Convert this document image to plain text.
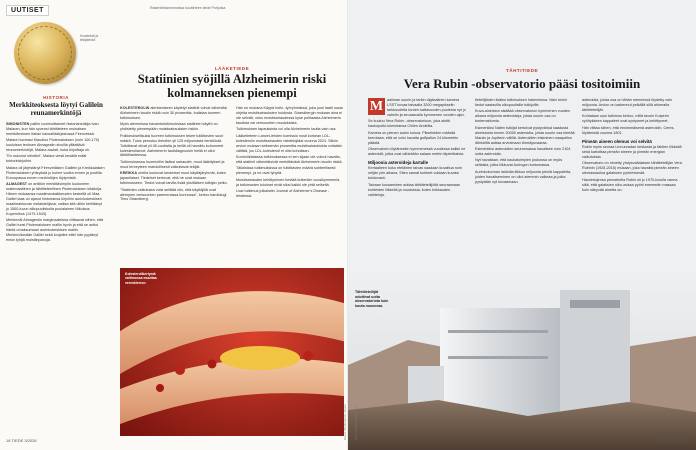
UUTISET	Rakenteiltaminnoissa kuutiirteen tiede Pohjoisa
Kuvateksti ja tekijatiedot
HISTORIA
Merkkiteoksesta löytyi Galilein reunamerkintöjä

SIMONISTEN pailiin vuoimuittaneet historiantutkija Ivan Malaran, kun hän syvensi tähtitieteen muinaisen merkkiteoksen Italian kansalliskirjastossa Firenzessä.

Malara huomasi Klaudios Ptolemaioksen (noin 100-170) kuuluisan teoksen Almagestin sivuilla ylläattävä reunamerkintöjä. Malara aavisti, kuka kirjoittaja oli.

"En uskonut silmiäni", Malara viesti kesällä eräät tohtorinkirjoihin.

Malara oli järjestänyt Firenzeläisen Galilein ja Kreikkalaisen Ptolemaioksen yhteyksiä jo kolme vuotta ennen ja postilla Euroopassa ennen merkintöjen löytymistä.

ALMAGEST on antiikin merkittävimpiin kuuluneen matemaattinen ja tähtitieteellinen Ptolemaioksen käsikirja. Hänen mukaansa maailmankaikkeuden keskellä oli Maa. Galilei taas on ajanut historiansa kirjoihin aurinkokeskisen maailmankuvan esitaistelijana, vaikka sitä olikin kehittänyt jo 1500-luvun alkupuoliskolla puolalainen Nikolaus Kopernikus (1473-1543).

Merkinnät Almagestin marginaaleissa viittaavat siihen, että Galilei tunsi Ptolemaioksen mallin hyvin ja että se auttoi häntä omaksumaan aurinkokeskisen mallin. Merkinnöissään Galilei sekä korjailee ettei hän pyytänyt ensin tyhjiä muistiinpanoja.

LÄÄKETIEDE
Statiinien syöjillä Alzheimerin riski kolmanneksen pienempi

KOLESTEROLIN alentamiseen käytetyt statiinit voivat vähentää Alzheimerin taudin riskiä noin 30 prosenttia, todistaa tuoreen tutkimuksen.

Myös aiemmissa havaintotutkimuksissa statiinien käyttö on yhdistetty pienempään muistisairauksien riskiin.

Poikkeuksellisuksi tuoreen tutkimuksen tekee tutkittavien suuri määrä. Tulos perustuu tietoihin yli 125 miljoonasta henkilöstä. Tutkittavat olivat yli 45-vuotiaita ja heillä oli havaittu kohonneet kolesteroliarvot. Alzheimerin tautidiagnoosin heillä ei ollut lähtötilanteessa.

Tutkimuksessa huomioitiin lisäksi sairaudet, muut lääkitykset ja muut terveyteen mahdollisesti vaikuttavat tekijät.

KREIKKA ohella kuuluvat keskeiset muut käyttäjäryhmät, kuten japanilaiset. Tiedeiset kertovat, että ne ovat mukaan tutkimukseen. Tiedot voivat tarvita lisää yksittäisen tutkijan pelko.

"Statiinien vaikutusta voisi selittää niin, että käyttäjillä ovat alempien verisuonten paremmassa kunnossa", kertoo kardiologi Timo Strandberg.

Hän on mukana Käypä hoito -työryhmässä, joka juuri laatii uusia ohjeita muistisairauksien hoidosta. Strandbergin mukaan aina ei ole selvää, onko muistisairaudessa kyse puhtaasta Alzheimerin taudista vai verisuonten muutoksista.

Tutkimuksen tapauksista voi olla Alzheimerin tautia vain osa.

Lääketieteen Lancet-lehden komissio nosti korkean LDL-kolesterolin muistisairauden riskitekijäksi vuonna 2024. Silloin arvion mukaan seitsemän prosenttia muistisairauksista voitaisiin välttää, jos LDL-kolesteroli ei olisi kohollaan.

Kontrollidatassa tutkimuksessa ei sen sijaan ole voinut havaita, että statiinit vähentäisivät merkittävästi Alzheimerin taudin riskiä.

Tällaisissa tutkimuksissa on tutkittavien määrä suhteellisesti pienempi, ja ne ovat lyhyitä.

Muistisairauden kehittyminen kestää kuitenkin vuosikymmeniä, ja tutkimusten tulokset eivät siksi kaikki ole yhtä selkeitä.

Uusi tutkimus julkaistiin Journal of Alzheimer's Disease -lehdessä.

Kolesterolikertymä valtimossa muuttaa verenkierron
Kuvat: Shutterstock, Istock
18 TIEDE 3/2026
TÄHTITIEDE
Vera Rubin -observatorio pääsi tositoimiin

M	aailman suurin ja tarkin digitaalinen kamera LSST kuvaa taivaalla 3200 megapikselin tarkkuudella kuvien kattavuuden puolesta nyt jo valmiin ja seuraavalla kymmenen vuoden ajan.

Se kuuluu Vera Rubin -observatorioon, joka aloitti kaukoputki-toimintansa Chilen Andeilla.

Kamera on pienen auton kokoa. Pikseleiden määrää kerrotaan, että se voisi havaita golfpallon 24 kilometrin päästä.

Observatorio löytäneekin kymmenessä vuodessa kaikki ne asteroidit, jotka ovat vähintään sataan metrin läpimittaisia.

Miljoonia asteroideja kartalle

Kertaalleen koko eteläinen taivas saadaan kuvattua noin neljän yön aikana. Siten samat kohteet voidaan kuvata toistuvasti.

Taivaan kuvaaminen auttaa tähtitieteilijöitä seuraamaan kohteiden liikkeitä ja muutoksia, kuten kirkkauden vaihteluja.

tieteilijöiden lisäksi tutkimuksen hakemistoa. Näin toimii tiedot saatavilla ulkopuolisille tutkijoille.

Kuva-aineiston sisältää observatorion kymmenen vuoden aikana miljoonia asteroideja, joista suurin osa on tuntemattomia.

Esimerkiksi Naten tutkijat kertoivat pystyvänsä saadusta aineistosta ennen 20000 asteroidia, joista suurin osa kiertää Marsin ja Jupiterin välillä. Asteroidien etsiminen maapallon lähistöltä auttaa arvioimaan törmäysvaaraa.

Esimerkiksi asteroidien seurannassa havaitsee noin 2104 uutta asteroidia.

Nyt havaitaan, että kaukaisimpien joukossa on myös sellaisia, jotka liikkuvat Auringon tuntumassa.

Aurinkokunnan laidoilla liikkuu miljoonia pieniä kappaleita, joiden havaitseminen on ollut aiemmin vaikeaa ja jotka pystytään nyt kuvaamaan.

asteroidia, joista osa on tähän mennessä löydetty vain miljoonia. Arvion on laskennut pelkällä sillä ahkeralla tähtitieteilijät.

Kohtalaan uusi tutkimus kertoo, millä tavoin Kuiperin vyöhykkeen kappaleet ovat syntyneet ja kehittyneet.

Hän viittaa siihen, että ensimmäisenä asteroidin, Ceres, löytämistä vuonna 1801.

Pimeän aineen olemus voi selvitä

Rubin myös seuraa Linnunradan keskusta ja tähtien liikkeitä sekä kartoittaa pimeän aineen ja pimeän energian vaikutuksia.

Observatorio on nimetty yhdysvaltalaisen tähtitieteilijän Vera Rubinin (1928-2016) mukaan, joka havaitsi pimeän aineen olemassaoloa galaksien pyörimisestä.

Havaintojensa perusteella Rubin oli jo 1970-luvulla varma siitä, että galaksien ulko-osissa pyörii enemmän massaa kuin näkyvää ainetta on.

Tähtitieteilijät odottivat uutta observatoriota kuin kuuta nousevaa.
Kuva: Rubin Observatory
3/2026 TIEDE 19
